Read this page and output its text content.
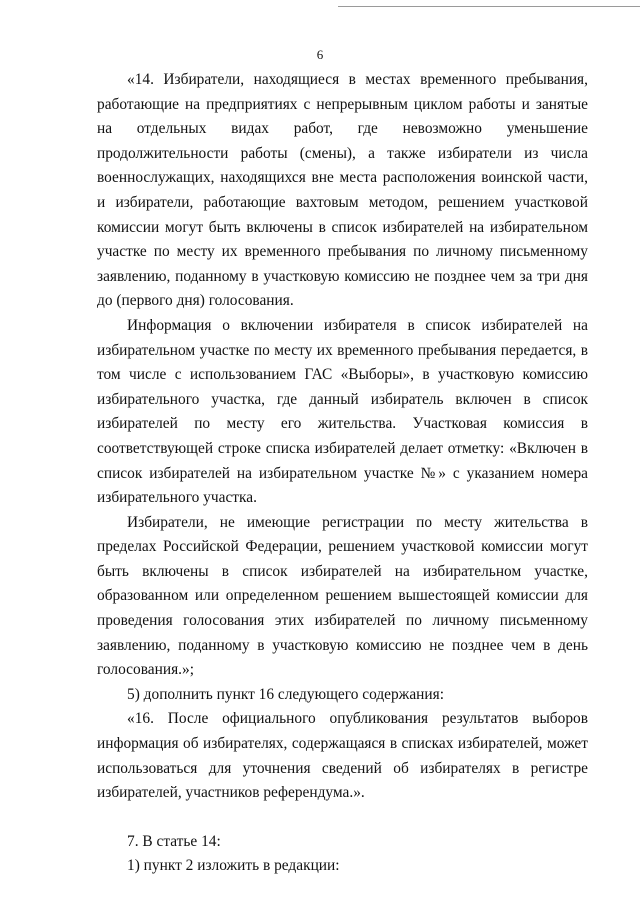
6

«14. Избиратели, находящиеся в местах временного пребывания, работающие на предприятиях с непрерывным циклом работы и занятые на отдельных видах работ, где невозможно уменьшение продолжительности работы (смены), а также избиратели из числа военнослужащих, находящихся вне места расположения воинской части, и избиратели, работающие вахтовым методом, решением участковой комиссии могут быть включены в список избирателей на избирательном участке по месту их временного пребывания по личному письменному заявлению, поданному в участковую комиссию не позднее чем за три дня до (первого дня) голосования.

Информация о включении избирателя в список избирателей на избирательном участке по месту их временного пребывания передается, в том числе с использованием ГАС «Выборы», в участковую комиссию избирательного участка, где данный избиратель включен в список избирателей по месту его жительства. Участковая комиссия в соответствующей строке списка избирателей делает отметку: «Включен в список избирателей на избирательном участке №» с указанием номера избирательного участка.

Избиратели, не имеющие регистрации по месту жительства в пределах Российской Федерации, решением участковой комиссии могут быть включены в список избирателей на избирательном участке, образованном или определенном решением вышестоящей комиссии для проведения голосования этих избирателей по личному письменному заявлению, поданному в участковую комиссию не позднее чем в день голосования.»;

5) дополнить пункт 16 следующего содержания:

«16. После официального опубликования результатов выборов информация об избирателях, содержащаяся в списках избирателей, может использоваться для уточнения сведений об избирателях в регистре избирателей, участников референдума.».

7. В статье 14:

1) пункт 2 изложить в редакции:
